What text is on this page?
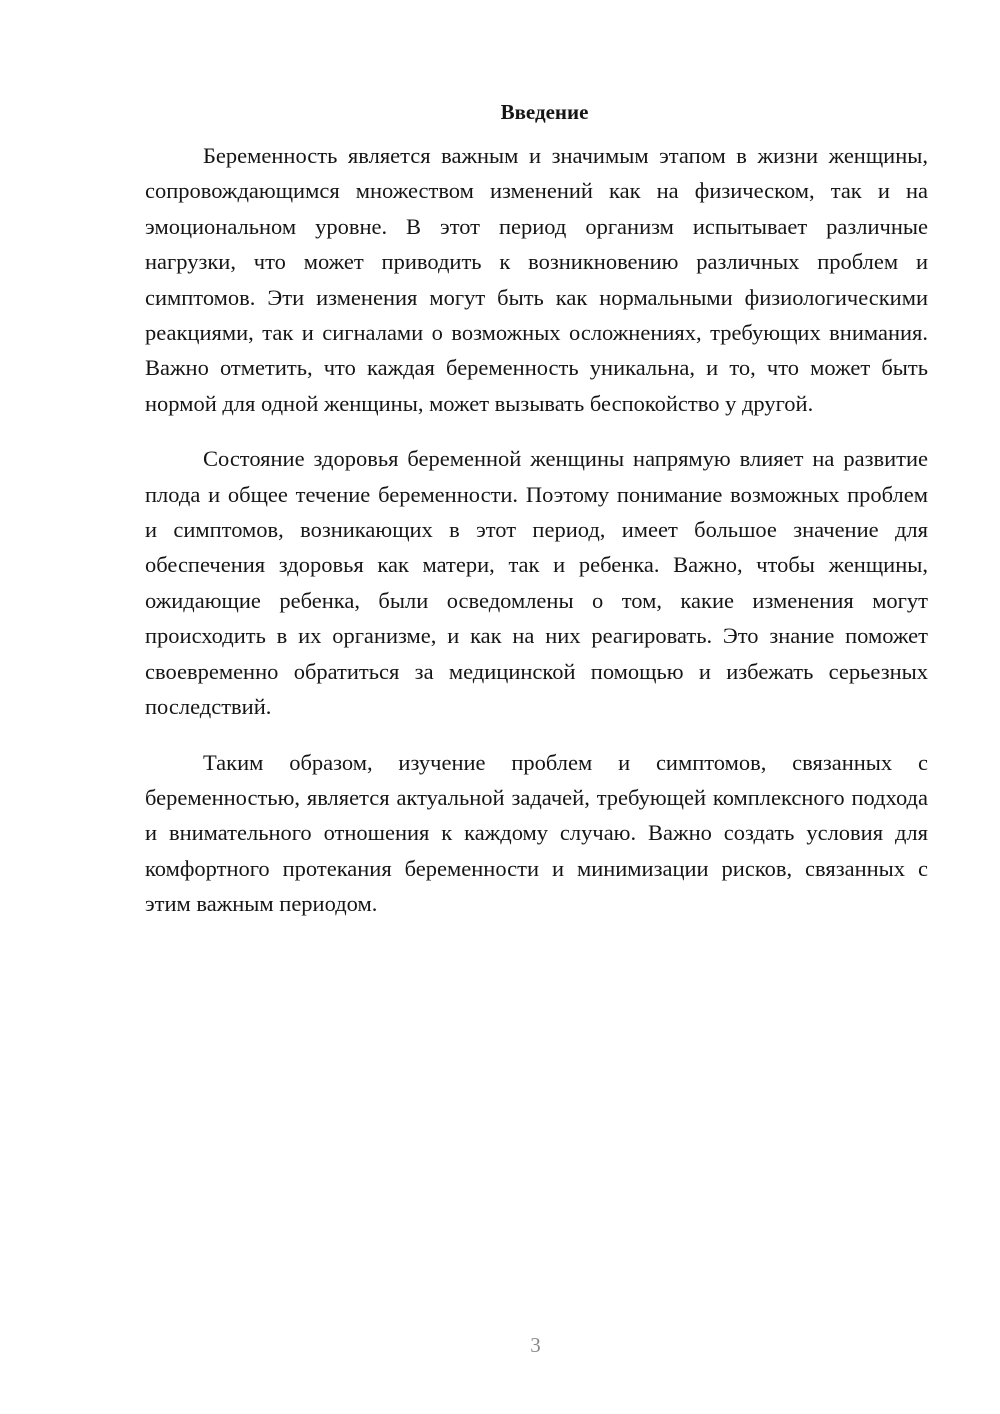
Введение

Беременность является важным и значимым этапом в жизни женщины, сопровождающимся множеством изменений как на физическом, так и на эмоциональном уровне. В этот период организм испытывает различные нагрузки, что может приводить к возникновению различных проблем и симптомов. Эти изменения могут быть как нормальными физиологическими реакциями, так и сигналами о возможных осложнениях, требующих внимания. Важно отметить, что каждая беременность уникальна, и то, что может быть нормой для одной женщины, может вызывать беспокойство у другой.

Состояние здоровья беременной женщины напрямую влияет на развитие плода и общее течение беременности. Поэтому понимание возможных проблем и симптомов, возникающих в этот период, имеет большое значение для обеспечения здоровья как матери, так и ребенка. Важно, чтобы женщины, ожидающие ребенка, были осведомлены о том, какие изменения могут происходить в их организме, и как на них реагировать. Это знание поможет своевременно обратиться за медицинской помощью и избежать серьезных последствий.

Таким образом, изучение проблем и симптомов, связанных с беременностью, является актуальной задачей, требующей комплексного подхода и внимательного отношения к каждому случаю. Важно создать условия для комфортного протекания беременности и минимизации рисков, связанных с этим важным периодом.

3
